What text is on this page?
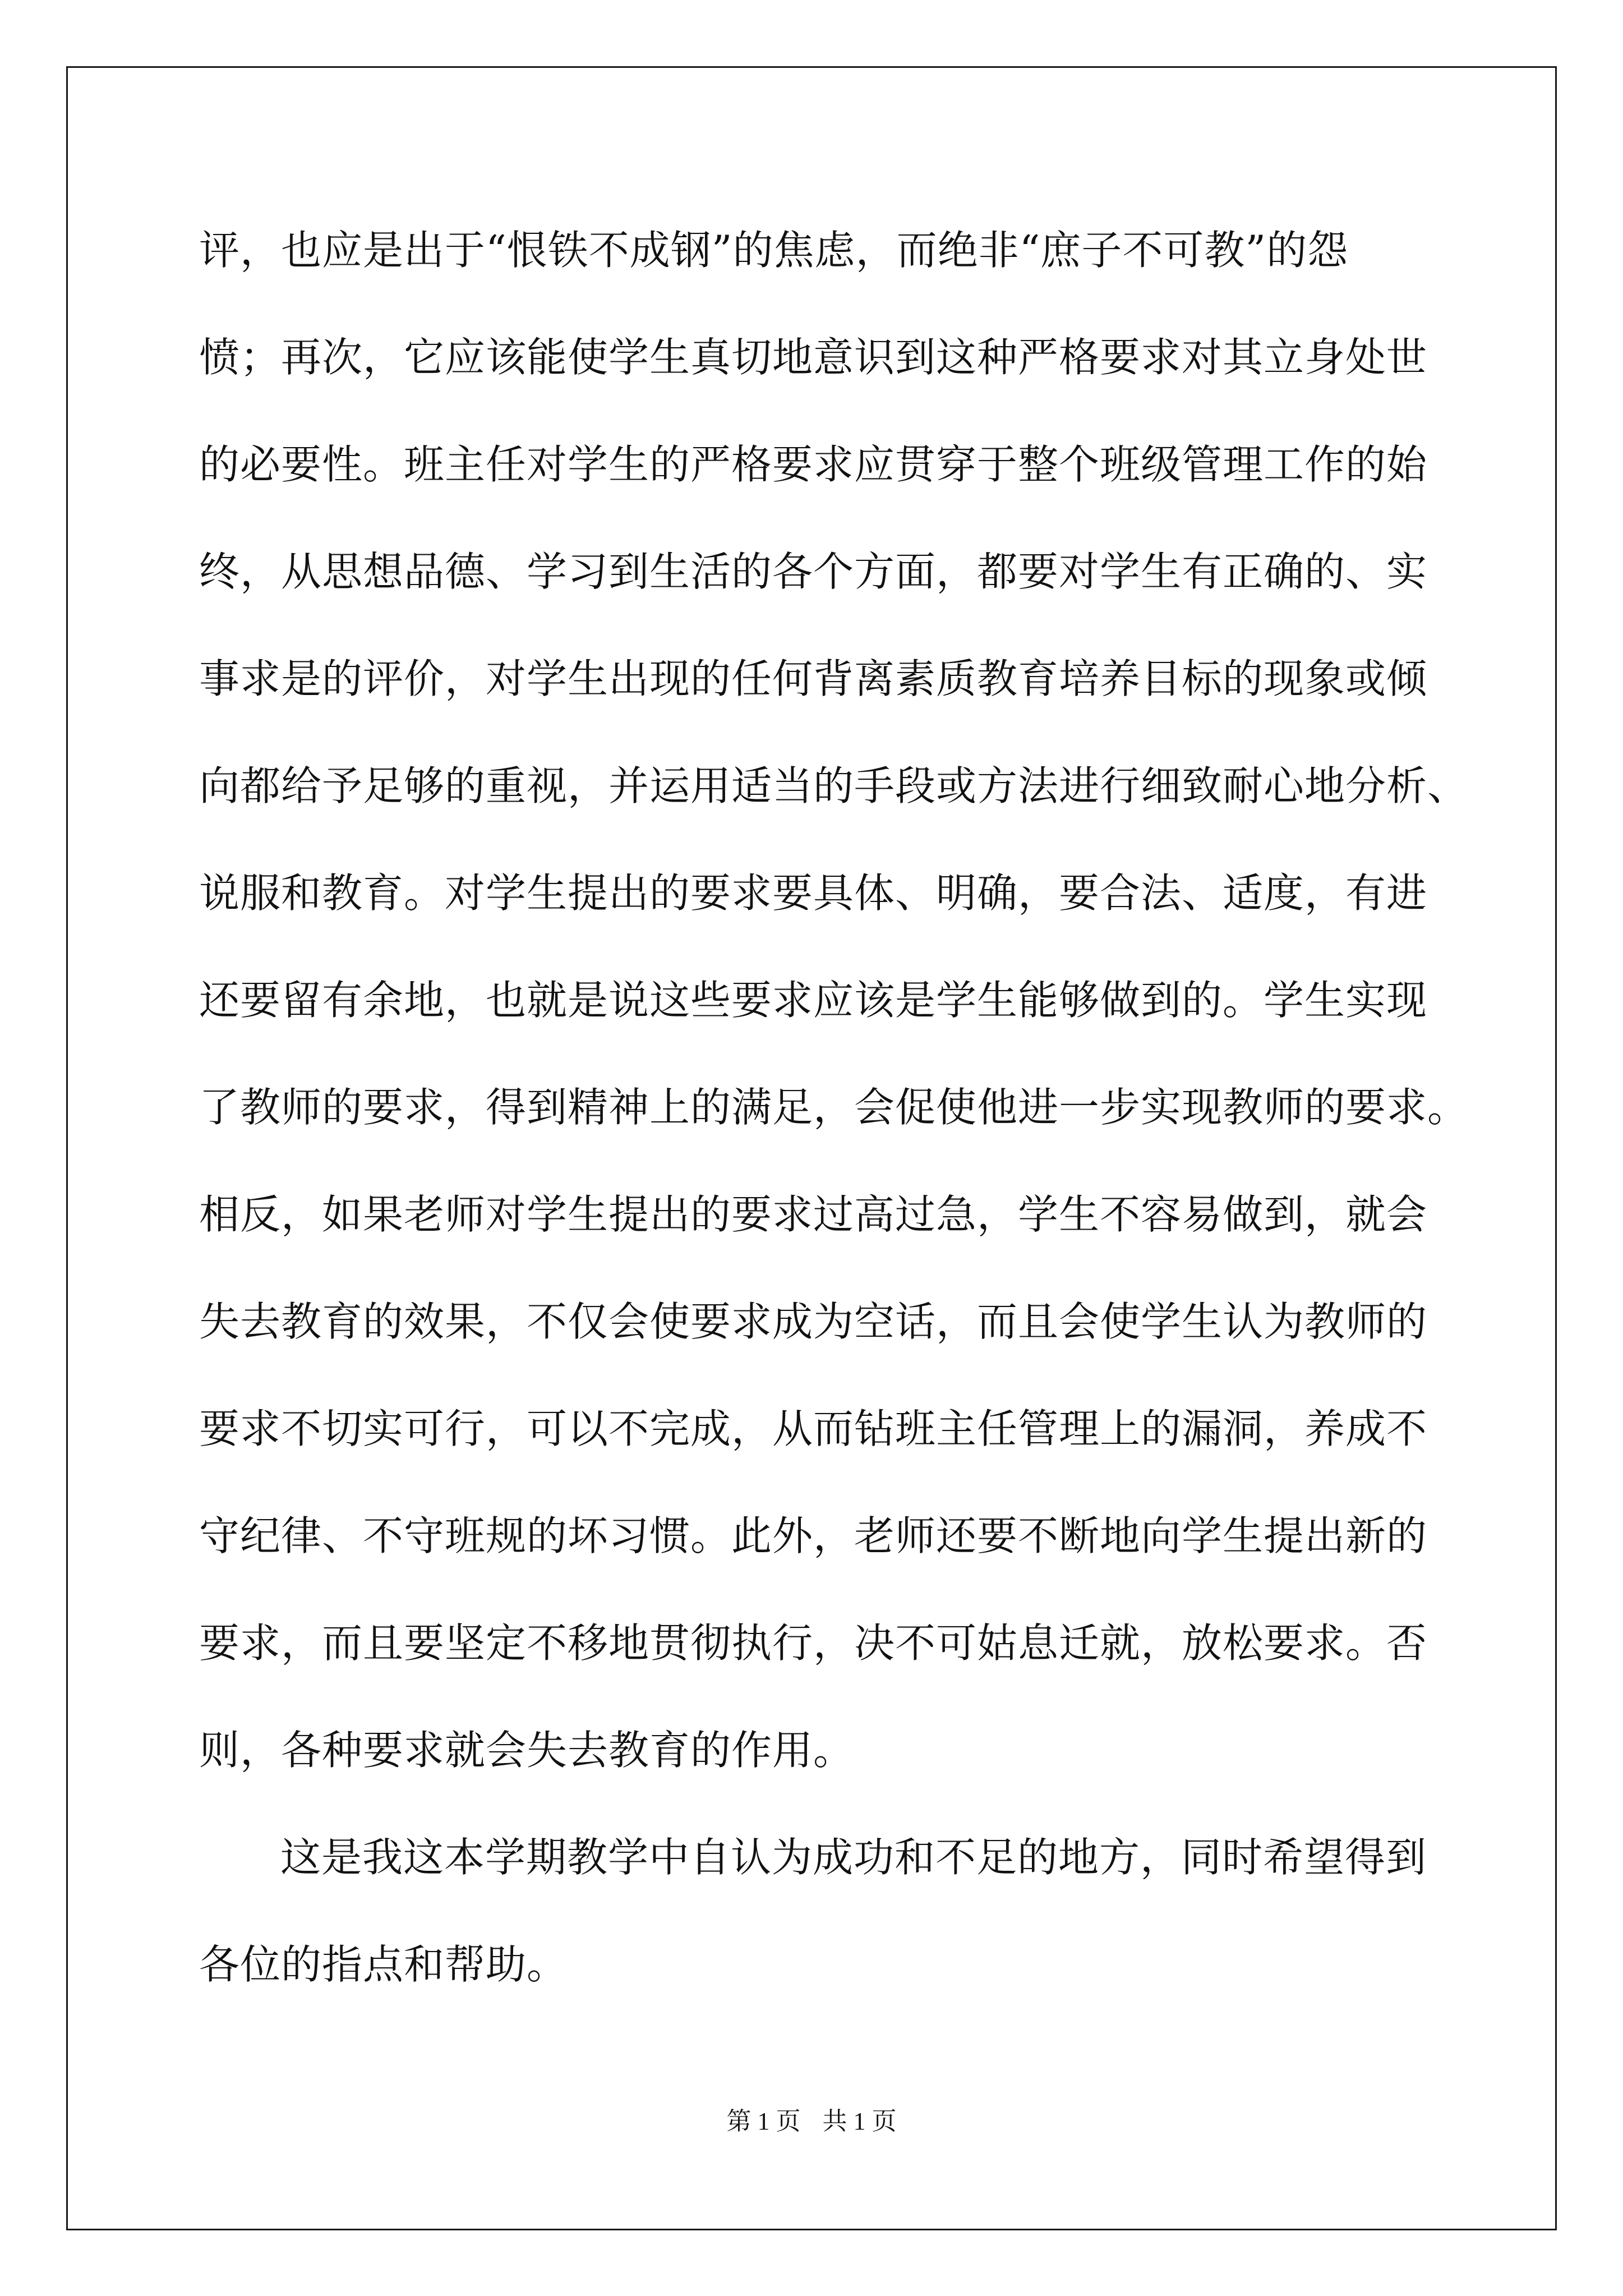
评，也应是出于“恨铁不成钢”的焦虑，而绝非“庶子不可教”的怨
愤；再次，它应该能使学生真切地意识到这种严格要求对其立身处世
的必要性。班主任对学生的严格要求应贯穿于整个班级管理工作的始
终，从思想品德、学习到生活的各个方面，都要对学生有正确的、实
事求是的评价，对学生出现的任何背离素质教育培养目标的现象或倾
向都给予足够的重视，并运用适当的手段或方法进行细致耐心地分析、
说服和教育。对学生提出的要求要具体、明确，要合法、适度，有进
还要留有余地，也就是说这些要求应该是学生能够做到的。学生实现
了教师的要求，得到精神上的满足，会促使他进一步实现教师的要求。
相反，如果老师对学生提出的要求过高过急，学生不容易做到，就会
失去教育的效果，不仅会使要求成为空话，而且会使学生认为教师的
要求不切实可行，可以不完成，从而钻班主任管理上的漏洞，养成不
守纪律、不守班规的坏习惯。此外，老师还要不断地向学生提出新的
要求，而且要坚定不移地贯彻执行，决不可姑息迁就，放松要求。否
则，各种要求就会失去教育的作用。
这是我这本学期教学中自认为成功和不足的地方，同时希望得到
各位的指点和帮助。
第 1 页 共 1 页
